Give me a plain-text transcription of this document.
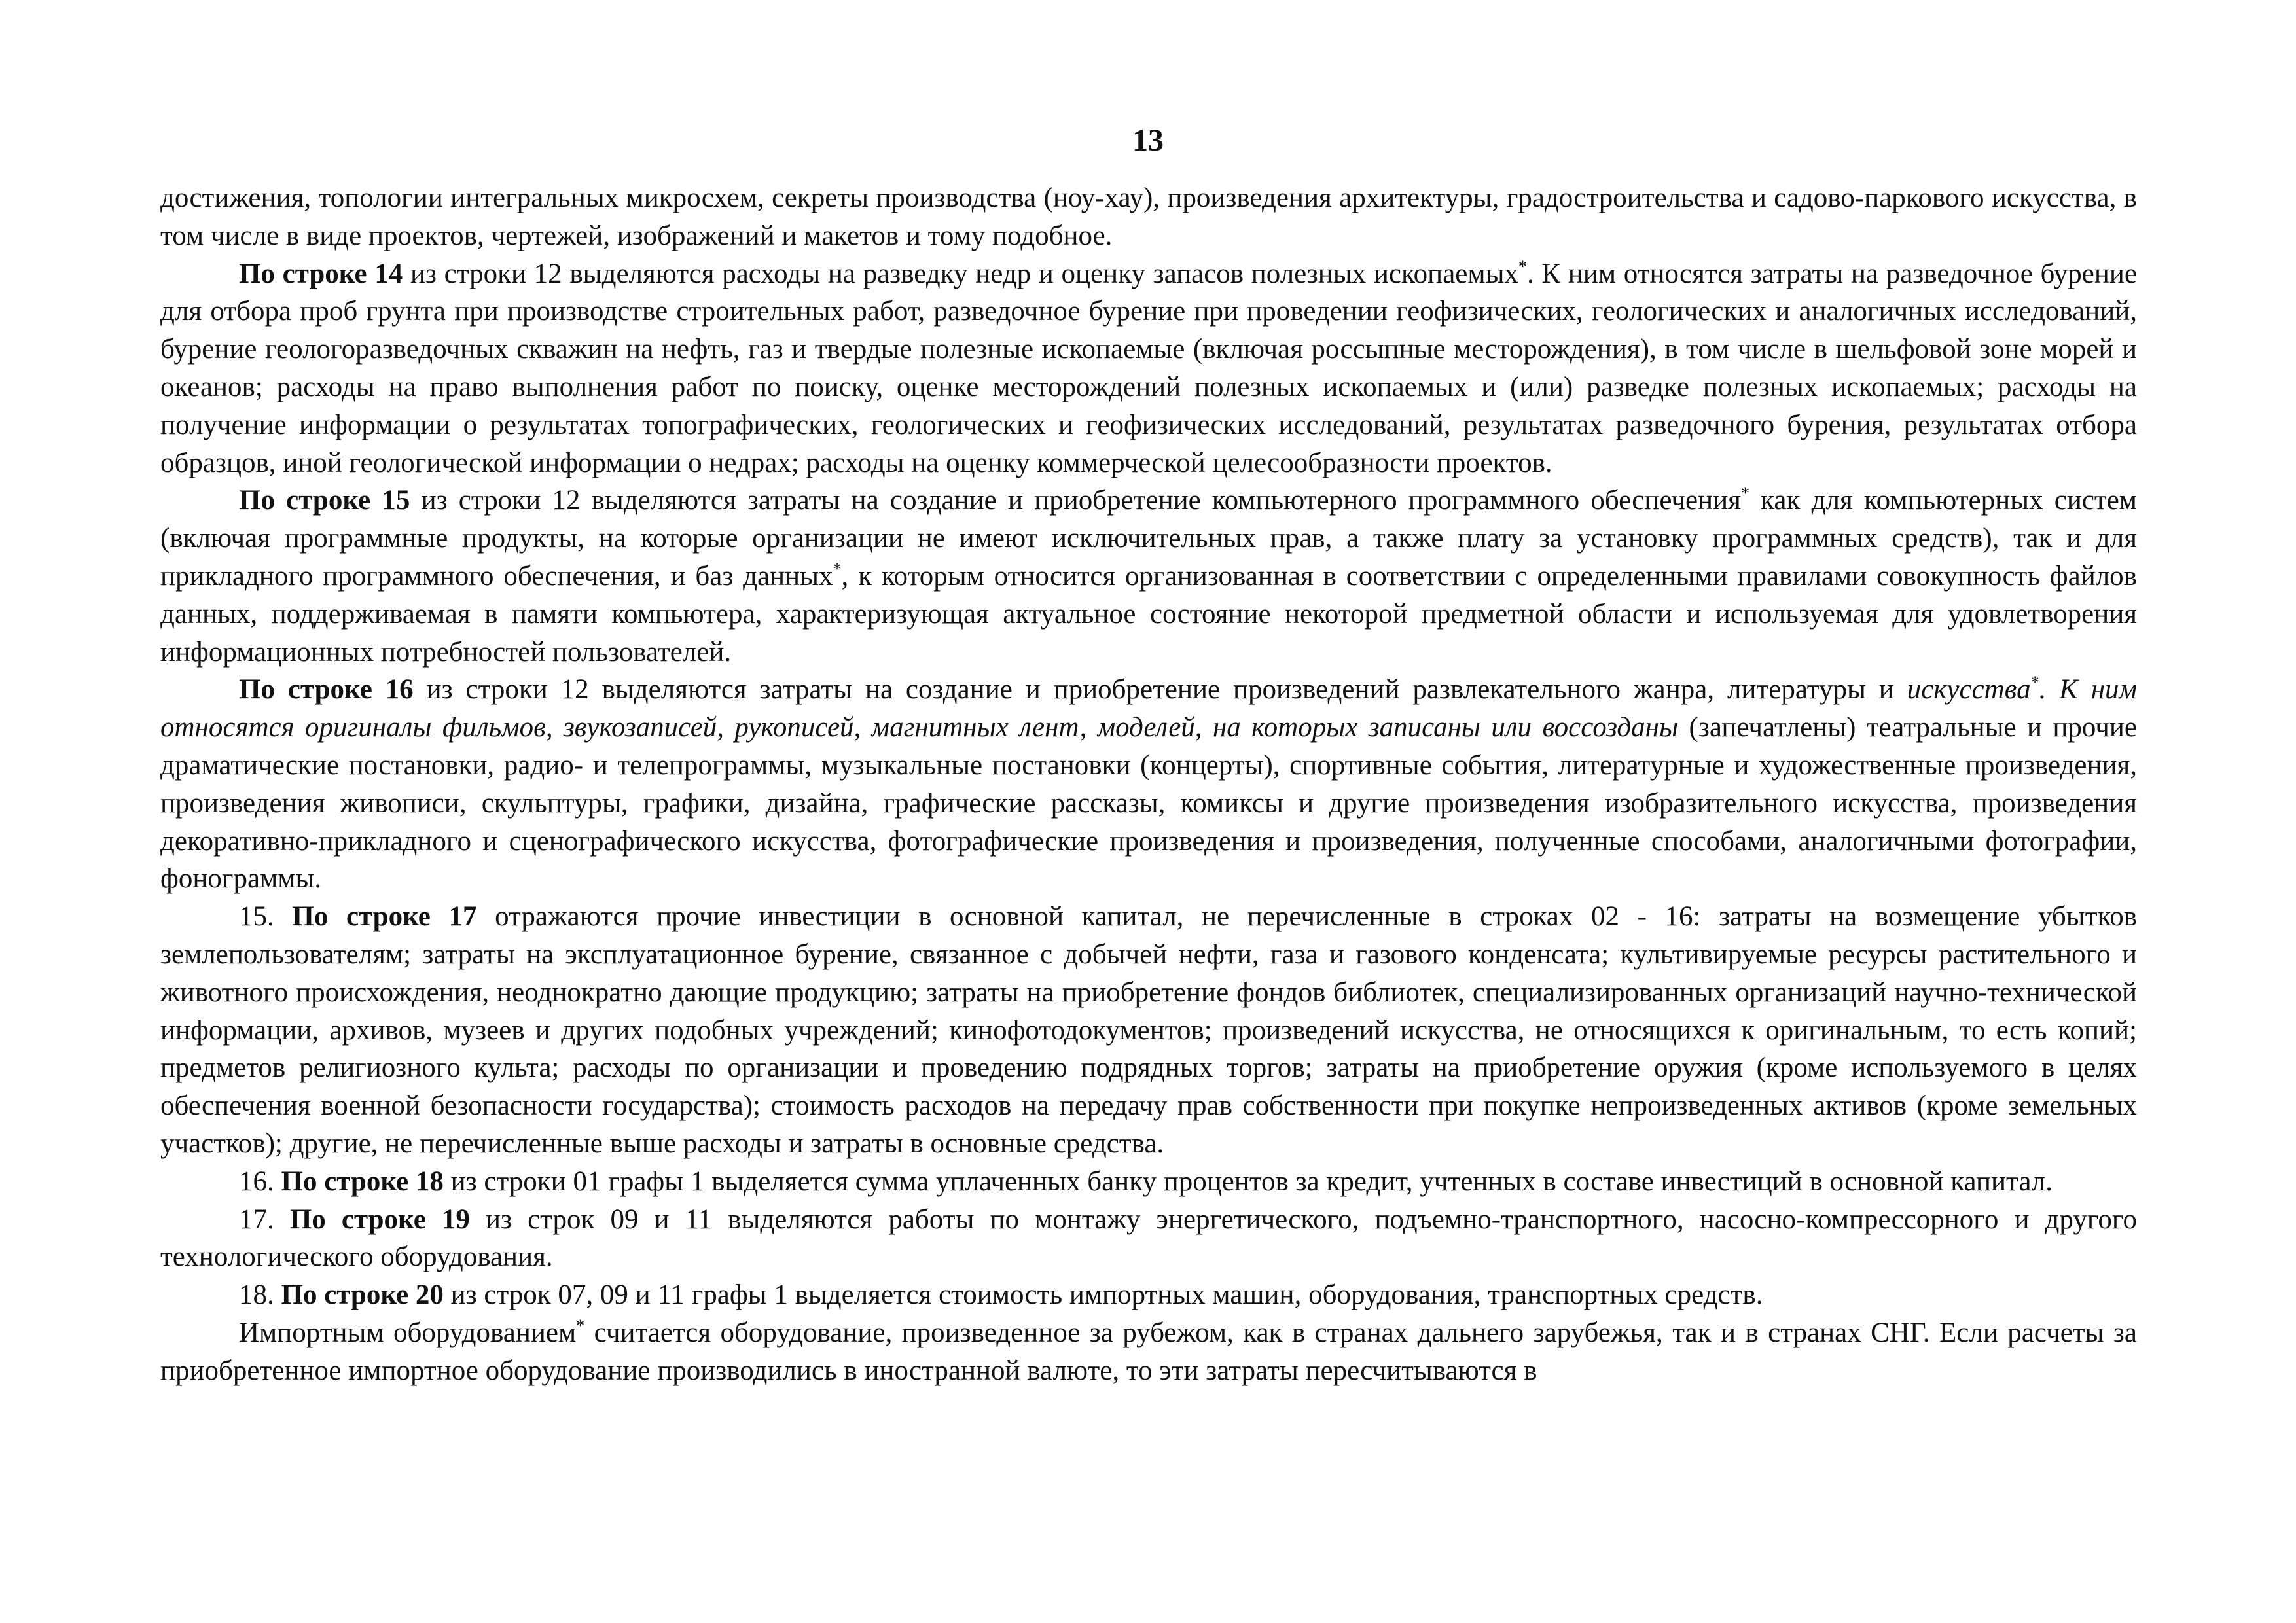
13

достижения, топологии интегральных микросхем, секреты производства (ноу-хау), произведения архитектуры, градостроительства и садово-паркового искусства, в том числе в виде проектов, чертежей, изображений и макетов и тому подобное.

По строке 14 из строки 12 выделяются расходы на разведку недр и оценку запасов полезных ископаемых*. К ним относятся затраты на разведочное бурение для отбора проб грунта при производстве строительных работ, разведочное бурение при проведении геофизических, геологических и аналогичных исследований, бурение геологоразведочных скважин на нефть, газ и твердые полезные ископаемые (включая россыпные месторождения), в том числе в шельфовой зоне морей и океанов; расходы на право выполнения работ по поиску, оценке месторождений полезных ископаемых и (или) разведке полезных ископаемых; расходы на получение информации о результатах топографических, геологических и геофизических исследований, результатах разведочного бурения, результатах отбора образцов, иной геологической информации о недрах; расходы на оценку коммерческой целесообразности проектов.

По строке 15 из строки 12 выделяются затраты на создание и приобретение компьютерного программного обеспечения* как для компьютерных систем (включая программные продукты, на которые организации не имеют исключительных прав, а также плату за установку программных средств), так и для прикладного программного обеспечения, и баз данных*, к которым относится организованная в соответствии с определенными правилами совокупность файлов данных, поддерживаемая в памяти компьютера, характеризующая актуальное состояние некоторой предметной области и используемая для удовлетворения информационных потребностей пользователей.

По строке 16 из строки 12 выделяются затраты на создание и приобретение произведений развлекательного жанра, литературы и искусства*. К ним относятся оригиналы фильмов, звукозаписей, рукописей, магнитных лент, моделей, на которых записаны или воссозданы (запечатлены) театральные и прочие драматические постановки, радио- и телепрограммы, музыкальные постановки (концерты), спортивные события, литературные и художественные произведения, произведения живописи, скульптуры, графики, дизайна, графические рассказы, комиксы и другие произведения изобразительного искусства, произведения декоративно-прикладного и сценографического искусства, фотографические произведения и произведения, полученные способами, аналогичными фотографии, фонограммы.

15. По строке 17 отражаются прочие инвестиции в основной капитал, не перечисленные в строках 02 - 16: затраты на возмещение убытков землепользователям; затраты на эксплуатационное бурение, связанное с добычей нефти, газа и газового конденсата; культивируемые ресурсы растительного и животного происхождения, неоднократно дающие продукцию; затраты на приобретение фондов библиотек, специализированных организаций научно-технической информации, архивов, музеев и других подобных учреждений; кинофотодокументов; произведений искусства, не относящихся к оригинальным, то есть копий; предметов религиозного культа; расходы по организации и проведению подрядных торгов; затраты на приобретение оружия (кроме используемого в целях обеспечения военной безопасности государства); стоимость расходов на передачу прав собственности при покупке непроизведенных активов (кроме земельных участков); другие, не перечисленные выше расходы и затраты в основные средства.

16. По строке 18 из строки 01 графы 1 выделяется сумма уплаченных банку процентов за кредит, учтенных в составе инвестиций в основной капитал.

17. По строке 19 из строк 09 и 11 выделяются работы по монтажу энергетического, подъемно-транспортного, насосно-компрессорного и другого технологического оборудования.

18. По строке 20 из строк 07, 09 и 11 графы 1 выделяется стоимость импортных машин, оборудования, транспортных средств.

Импортным оборудованием* считается оборудование, произведенное за рубежом, как в странах дальнего зарубежья, так и в странах СНГ. Если расчеты за приобретенное импортное оборудование производились в иностранной валюте, то эти затраты пересчитываются в
